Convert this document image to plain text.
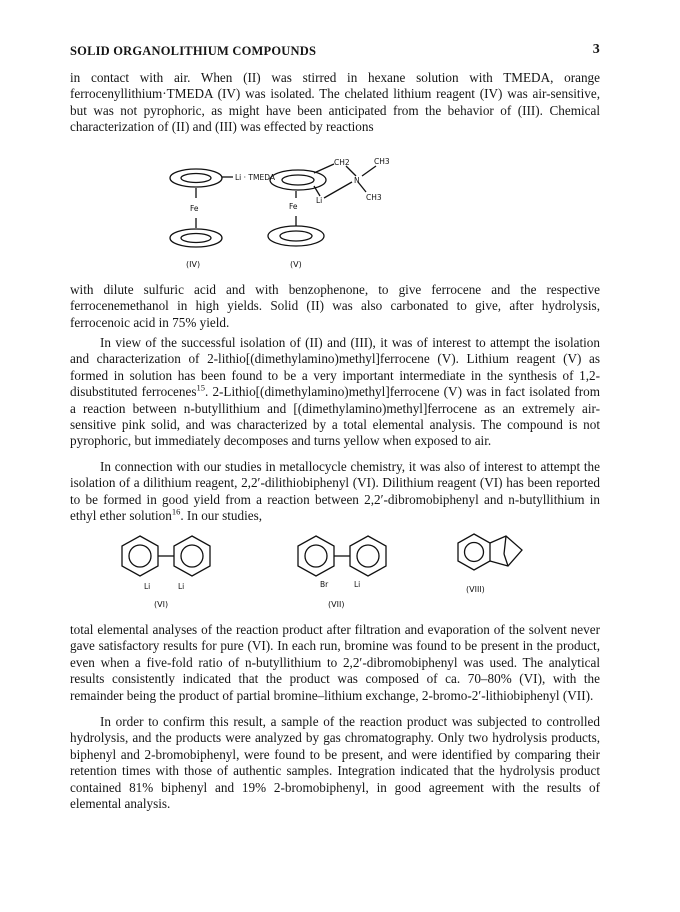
SOLID ORGANOLITHIUM COMPOUNDS	3

in contact with air. When (II) was stirred in hexane solution with TMEDA, orange ferrocenyllithium·TMEDA (IV) was isolated. The chelated lithium reagent (IV) was air-sensitive, but was not pyrophoric, as might have been anticipated from the behavior of (III). Chemical characterization of (II) and (III) was effected by reactions

Li · TMEDA
Fe
(IV)
CH2	CH3
N
CH3
Li
Fe
(V)

with dilute sulfuric acid and with benzophenone, to give ferrocene and the respective ferrocenemethanol in high yields. Solid (II) was also carbonated to give, after hydrolysis, ferrocenoic acid in 75% yield.

In view of the successful isolation of (II) and (III), it was of interest to attempt the isolation and characterization of 2-lithio[(dimethylamino)methyl]ferrocene (V). Lithium reagent (V) as formed in solution has been found to be a very important intermediate in the synthesis of 1,2-disubstituted ferrocenes$^{15}$. 2-Lithio[(dimethylamino)methyl]ferrocene (V) was in fact isolated from a reaction between n-butyllithium and [(dimethylamino)methyl]ferrocene as an extremely air-sensitive pink solid, and was characterized by a total elemental analysis. The compound is not pyrophoric, but immediately decomposes and turns yellow when exposed to air.

In connection with our studies in metallocycle chemistry, it was also of interest to attempt the isolation of a dilithium reagent, 2,2′-dilithiobiphenyl (VI). Dilithium reagent (VI) has been reported to be formed in good yield from a reaction between 2,2′-dibromobiphenyl and n-butyllithium in ethyl ether solution$^{16}$. In our studies,

Li	Li
(VI)
Br	Li
(VII)
(VIII)

total elemental analyses of the reaction product after filtration and evaporation of the solvent never gave satisfactory results for pure (VI). In each run, bromine was found to be present in the product, even when a five-fold ratio of n-butyllithium to 2,2′-dibromobiphenyl was used. The analytical results consistently indicated that the product was composed of ca. 70–80% (VI), with the remainder being the product of partial bromine–lithium exchange, 2-bromo-2′-lithiobiphenyl (VII).

In order to confirm this result, a sample of the reaction product was subjected to controlled hydrolysis, and the products were analyzed by gas chromatography. Only two hydrolysis products, biphenyl and 2-bromobiphenyl, were found to be present, and were identified by comparing their retention times with those of authentic samples. Integration indicated that the hydrolysis product contained 81% biphenyl and 19% 2-bromobiphenyl, in good agreement with the results of elemental analysis.
